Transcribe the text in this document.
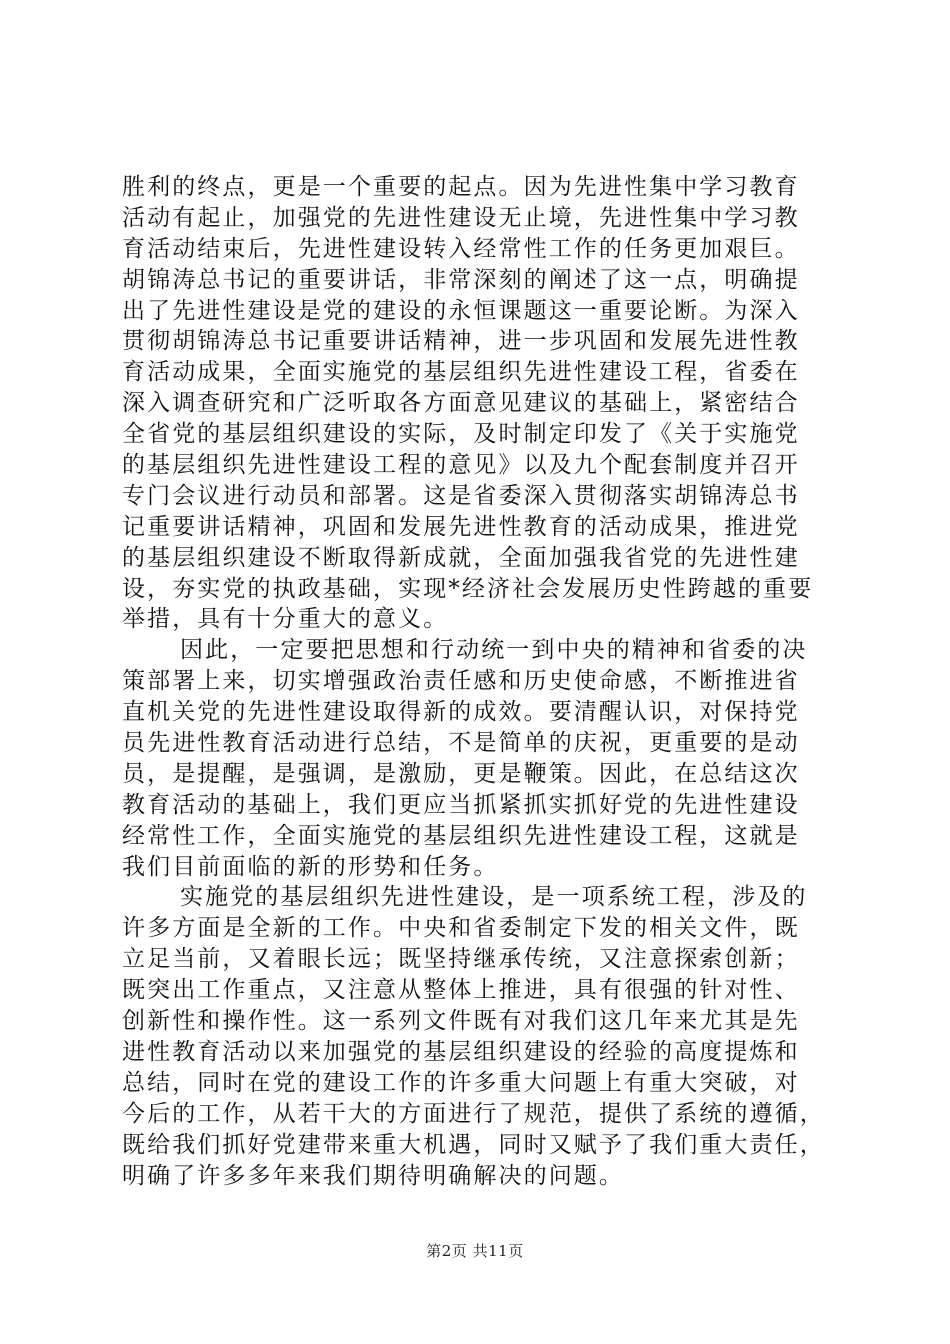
胜利的终点，更是一个重要的起点。因为先进性集中学习教育
活动有起止，加强党的先进性建设无止境，先进性集中学习教
育活动结束后，先进性建设转入经常性工作的任务更加艰巨。
胡锦涛总书记的重要讲话，非常深刻的阐述了这一点，明确提
出了先进性建设是党的建设的永恒课题这一重要论断。为深入
贯彻胡锦涛总书记重要讲话精神，进一步巩固和发展先进性教
育活动成果，全面实施党的基层组织先进性建设工程，省委在
深入调查研究和广泛听取各方面意见建议的基础上，紧密结合
全省党的基层组织建设的实际，及时制定印发了《关于实施党
的基层组织先进性建设工程的意见》以及九个配套制度并召开
专门会议进行动员和部署。这是省委深入贯彻落实胡锦涛总书
记重要讲话精神，巩固和发展先进性教育的活动成果，推进党
的基层组织建设不断取得新成就，全面加强我省党的先进性建
设，夯实党的执政基础，实现*经济社会发展历史性跨越的重要
举措，具有十分重大的意义。
因此，一定要把思想和行动统一到中央的精神和省委的决
策部署上来，切实增强政治责任感和历史使命感，不断推进省
直机关党的先进性建设取得新的成效。要清醒认识，对保持党
员先进性教育活动进行总结，不是简单的庆祝，更重要的是动
员，是提醒，是强调，是激励，更是鞭策。因此，在总结这次
教育活动的基础上，我们更应当抓紧抓实抓好党的先进性建设
经常性工作，全面实施党的基层组织先进性建设工程，这就是
我们目前面临的新的形势和任务。
实施党的基层组织先进性建设，是一项系统工程，涉及的
许多方面是全新的工作。中央和省委制定下发的相关文件，既
立足当前，又着眼长远；既坚持继承传统，又注意探索创新；
既突出工作重点，又注意从整体上推进，具有很强的针对性、
创新性和操作性。这一系列文件既有对我们这几年来尤其是先
进性教育活动以来加强党的基层组织建设的经验的高度提炼和
总结，同时在党的建设工作的许多重大问题上有重大突破，对
今后的工作，从若干大的方面进行了规范，提供了系统的遵循，
既给我们抓好党建带来重大机遇，同时又赋予了我们重大责任，
明确了许多多年来我们期待明确解决的问题。
第2页 共11页
